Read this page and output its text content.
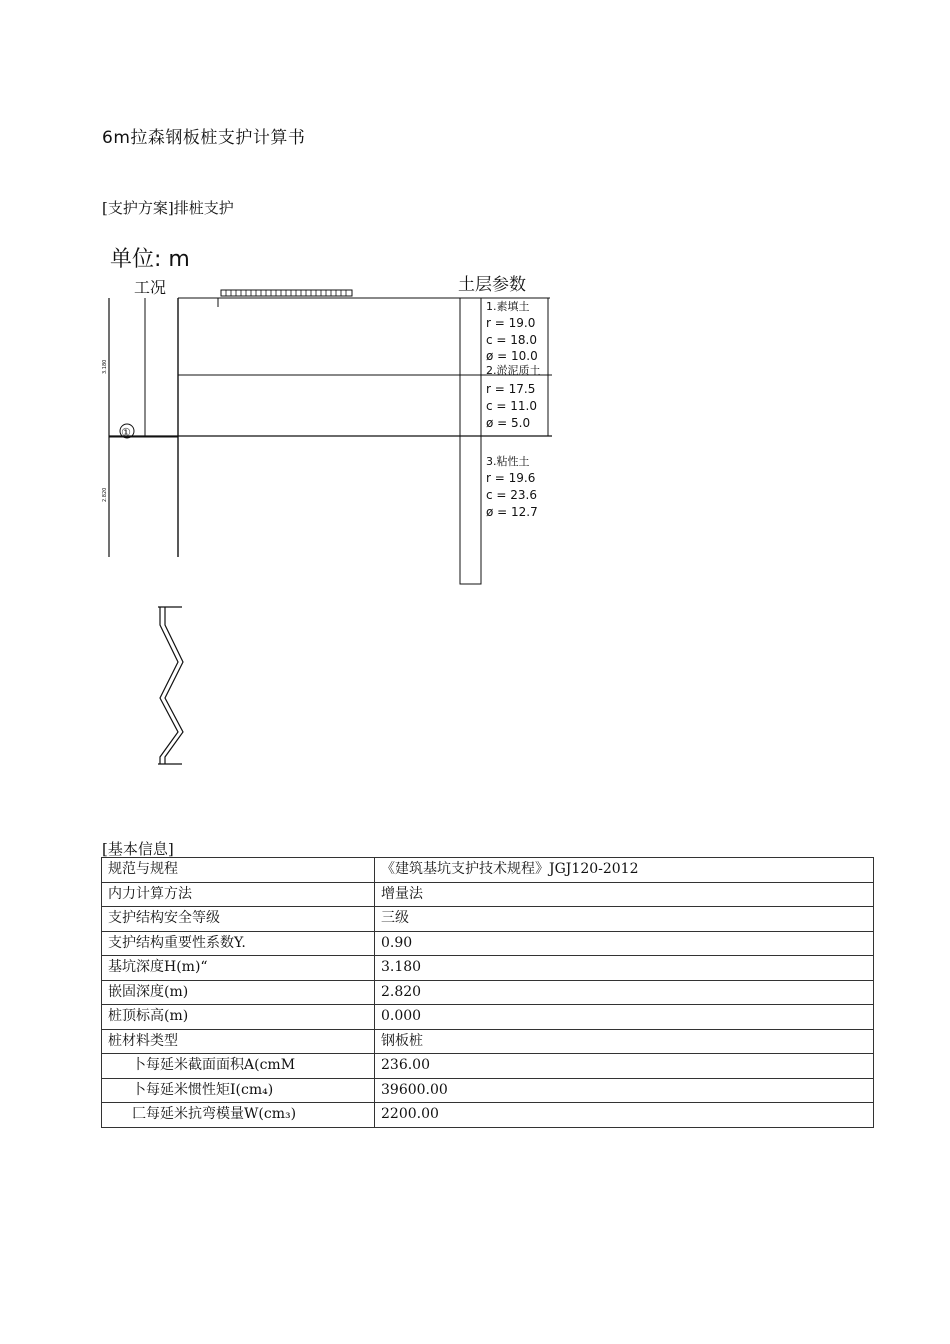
6m拉森钢板桩支护计算书
[支护方案]排桩支护
单位: m
工况	土层参数
3.180
2.820
①
1.素填土
r = 19.0
c = 18.0
ø = 10.0
2.淤泥质土
r = 17.5
c = 11.0
ø = 5.0
3.粘性土
r = 19.6
c = 23.6
ø = 12.7
[基本信息]
规范与规程	《建筑基坑支护技术规程》JGJ120-2012
内力计算方法	增量法
支护结构安全等级	三级
支护结构重要性系数Y.	0.90
基坑深度H(m)“	3.180
嵌固深度(m)	2.820
桩顶标高(m)	0.000
桩材料类型	钢板桩
卜每延米截面面积A(cmM	236.00
卜每延米惯性矩I(cm₄)	39600.00
匚每延米抗弯模量W(cm₃)	2200.00
